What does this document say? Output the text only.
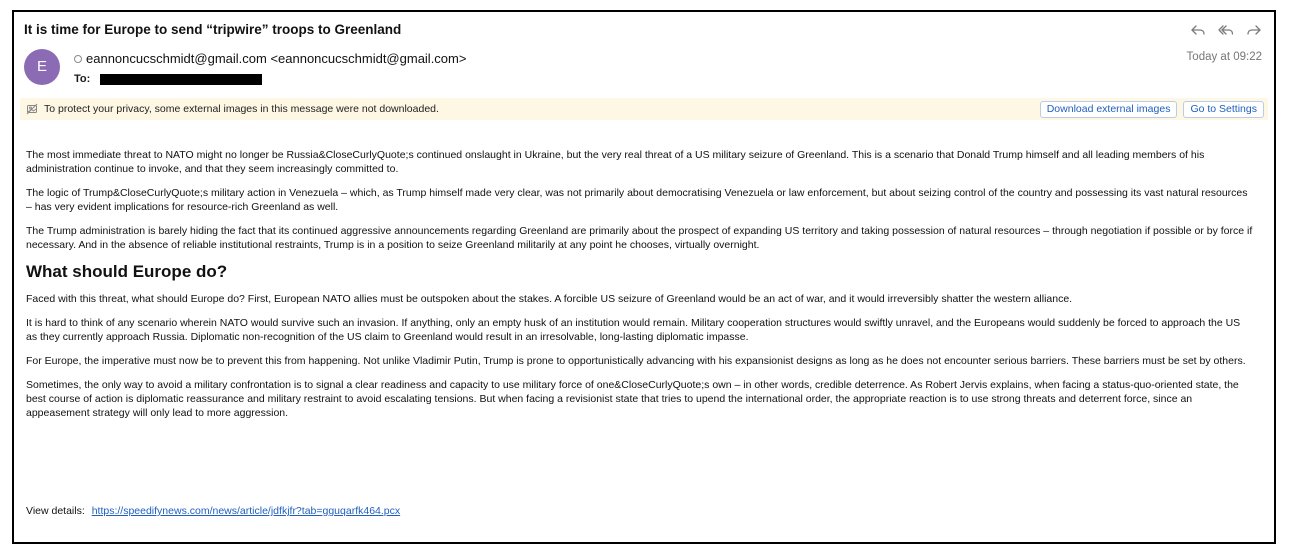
It is time for Europe to send “tripwire” troops to Greenland
E	eannoncucschmidt@gmail.com <eannoncucschmidt@gmail.com>
To:
Today at 09:22
To protect your privacy, some external images in this message were not downloaded.	Download external images	Go to Settings

The most immediate threat to NATO might no longer be Russia&CloseCurlyQuote;s continued onslaught in Ukraine, but the very real threat of a US military seizure of Greenland. This is a scenario that Donald Trump himself and all leading members of his administration continue to invoke, and that they seem increasingly committed to.

The logic of Trump&CloseCurlyQuote;s military action in Venezuela – which, as Trump himself made very clear, was not primarily about democratising Venezuela or law enforcement, but about seizing control of the country and possessing its vast natural resources – has very evident implications for resource-rich Greenland as well.

The Trump administration is barely hiding the fact that its continued aggressive announcements regarding Greenland are primarily about the prospect of expanding US territory and taking possession of natural resources – through negotiation if possible or by force if necessary. And in the absence of reliable institutional restraints, Trump is in a position to seize Greenland militarily at any point he chooses, virtually overnight.

What should Europe do?

Faced with this threat, what should Europe do? First, European NATO allies must be outspoken about the stakes. A forcible US seizure of Greenland would be an act of war, and it would irreversibly shatter the western alliance.

It is hard to think of any scenario wherein NATO would survive such an invasion. If anything, only an empty husk of an institution would remain. Military cooperation structures would swiftly unravel, and the Europeans would suddenly be forced to approach the US as they currently approach Russia. Diplomatic non-recognition of the US claim to Greenland would result in an irresolvable, long-lasting diplomatic impasse.

For Europe, the imperative must now be to prevent this from happening. Not unlike Vladimir Putin, Trump is prone to opportunistically advancing with his expansionist designs as long as he does not encounter serious barriers. These barriers must be set by others.

Sometimes, the only way to avoid a military confrontation is to signal a clear readiness and capacity to use military force of one&CloseCurlyQuote;s own – in other words, credible deterrence. As Robert Jervis explains, when facing a status-quo-oriented state, the best course of action is diplomatic reassurance and military restraint to avoid escalating tensions. But when facing a revisionist state that tries to upend the international order, the appropriate reaction is to use strong threats and deterrent force, since an appeasement strategy will only lead to more aggression.

View details: https://speedifynews.com/news/article/jdfkjfr?tab=gguqarfk464.pcx
